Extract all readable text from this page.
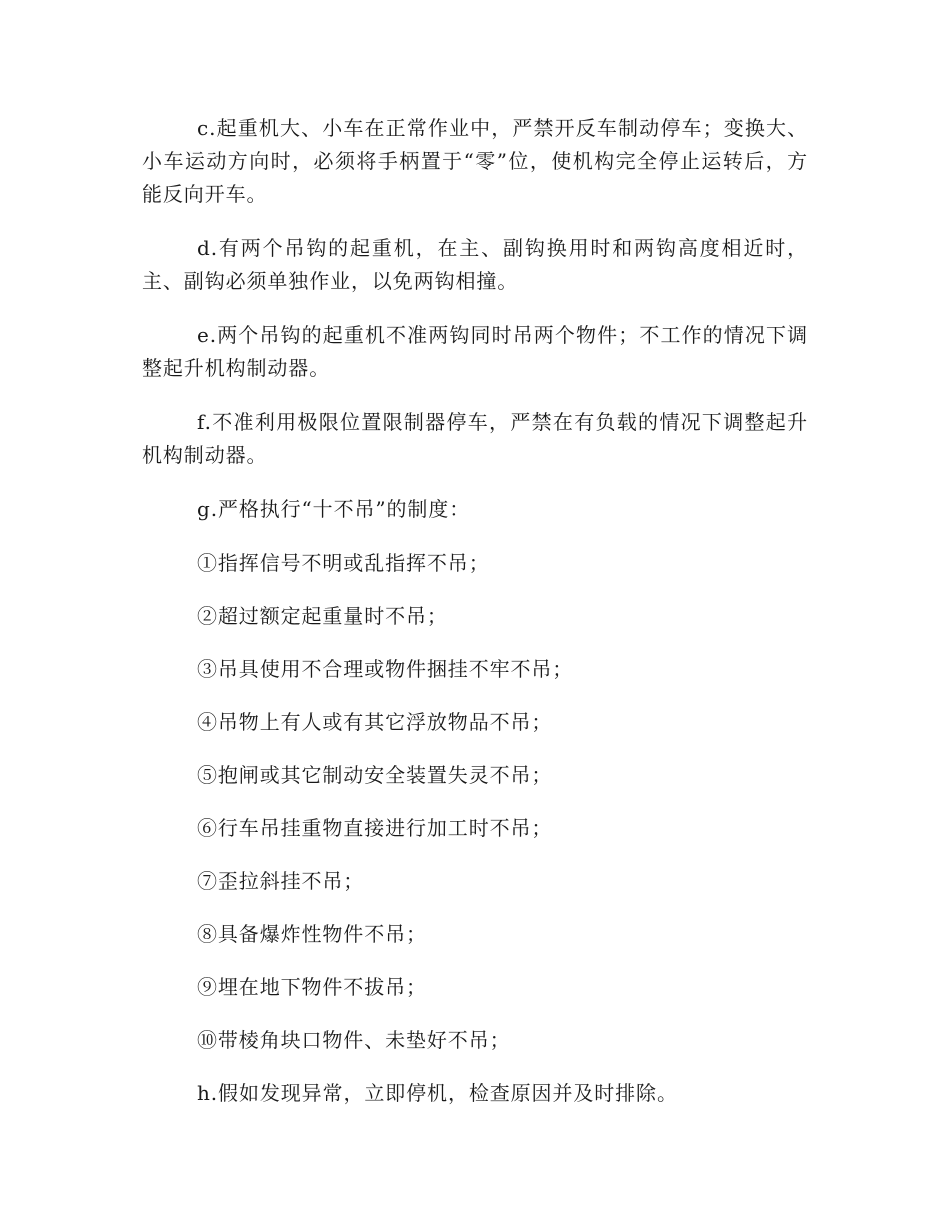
c.起重机大、小车在正常作业中，严禁开反车制动停车；变换大、小车运动方向时，必须将手柄置于“零”位，使机构完全停止运转后，方能反向开车。

d.有两个吊钩的起重机，在主、副钩换用时和两钩高度相近时，主、副钩必须单独作业，以免两钩相撞。

e.两个吊钩的起重机不准两钩同时吊两个物件；不工作的情况下调整起升机构制动器。

f.不准利用极限位置限制器停车，严禁在有负载的情况下调整起升机构制动器。

g.严格执行“十不吊”的制度：

①指挥信号不明或乱指挥不吊；
②超过额定起重量时不吊；
③吊具使用不合理或物件捆挂不牢不吊；
④吊物上有人或有其它浮放物品不吊；
⑤抱闸或其它制动安全装置失灵不吊；
⑥行车吊挂重物直接进行加工时不吊；
⑦歪拉斜挂不吊；
⑧具备爆炸性物件不吊；
⑨埋在地下物件不拔吊；
⑩带棱角块口物件、未垫好不吊；

h.假如发现异常，立即停机，检查原因并及时排除。
